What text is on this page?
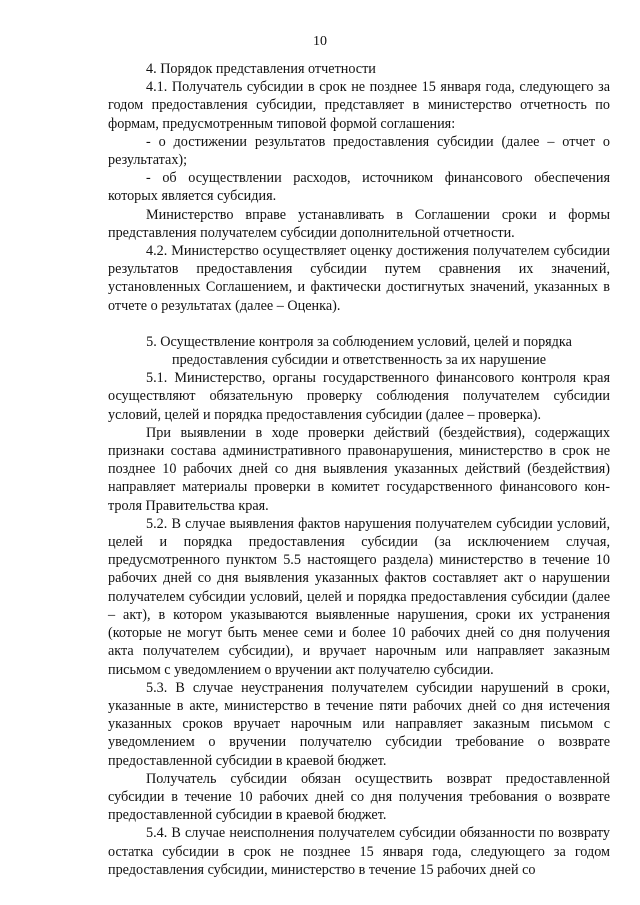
10

4. Порядок представления отчетности

4.1. Получатель субсидии в срок не позднее 15 января года, следующего за годом предоставления субсидии, представляет в министерство отчетность по формам, предусмотренным типовой формой соглашения:

- о достижении результатов предоставления субсидии (далее – отчет о результатах);

- об осуществлении расходов, источником финансового обеспечения которых является субсидия.

Министерство вправе устанавливать в Соглашении сроки и формы представления получателем субсидии дополнительной отчетности.

4.2. Министерство осуществляет оценку достижения получателем субсидии результатов предоставления субсидии путем сравнения их значений, установленных Соглашением, и фактически достигнутых значений, указанных в отчете о результатах (далее – Оценка).

5. Осуществление контроля за соблюдением условий, целей и порядка предоставления субсидии и ответственность за их нарушение

5.1. Министерство, органы государственного финансового контроля края осуществляют обязательную проверку соблюдения получателем субсидии условий, целей и порядка предоставления субсидии (далее – проверка).

При выявлении в ходе проверки действий (бездействия), содержащих признаки состава административного правонарушения, министерство в срок не позднее 10 рабочих дней со дня выявления указанных действий (бездействия) направляет материалы проверки в комитет государственного финансового контроля Правительства края.

5.2. В случае выявления фактов нарушения получателем субсидии условий, целей и порядка предоставления субсидии (за исключением случая, предусмотренного пунктом 5.5 настоящего раздела) министерство в течение 10 рабочих дней со дня выявления указанных фактов составляет акт о нарушении получателем субсидии условий, целей и порядка предоставления субсидии (далее – акт), в котором указываются выявленные нарушения, сроки их устранения (которые не могут быть менее семи и более 10 рабочих дней со дня получения акта получателем субсидии), и вручает нарочным или направляет заказным письмом с уведомлением о вручении акт получателю субсидии.

5.3. В случае неустранения получателем субсидии нарушений в сроки, указанные в акте, министерство в течение пяти рабочих дней со дня истечения указанных сроков вручает нарочным или направляет заказным письмом с уведомлением о вручении получателю субсидии требование о возврате предоставленной субсидии в краевой бюджет.

Получатель субсидии обязан осуществить возврат предоставленной субсидии в течение 10 рабочих дней со дня получения требования о возврате предоставленной субсидии в краевой бюджет.

5.4. В случае неисполнения получателем субсидии обязанности по возврату остатка субсидии в срок не позднее 15 января года, следующего за годом предоставления субсидии, министерство в течение 15 рабочих дней со
